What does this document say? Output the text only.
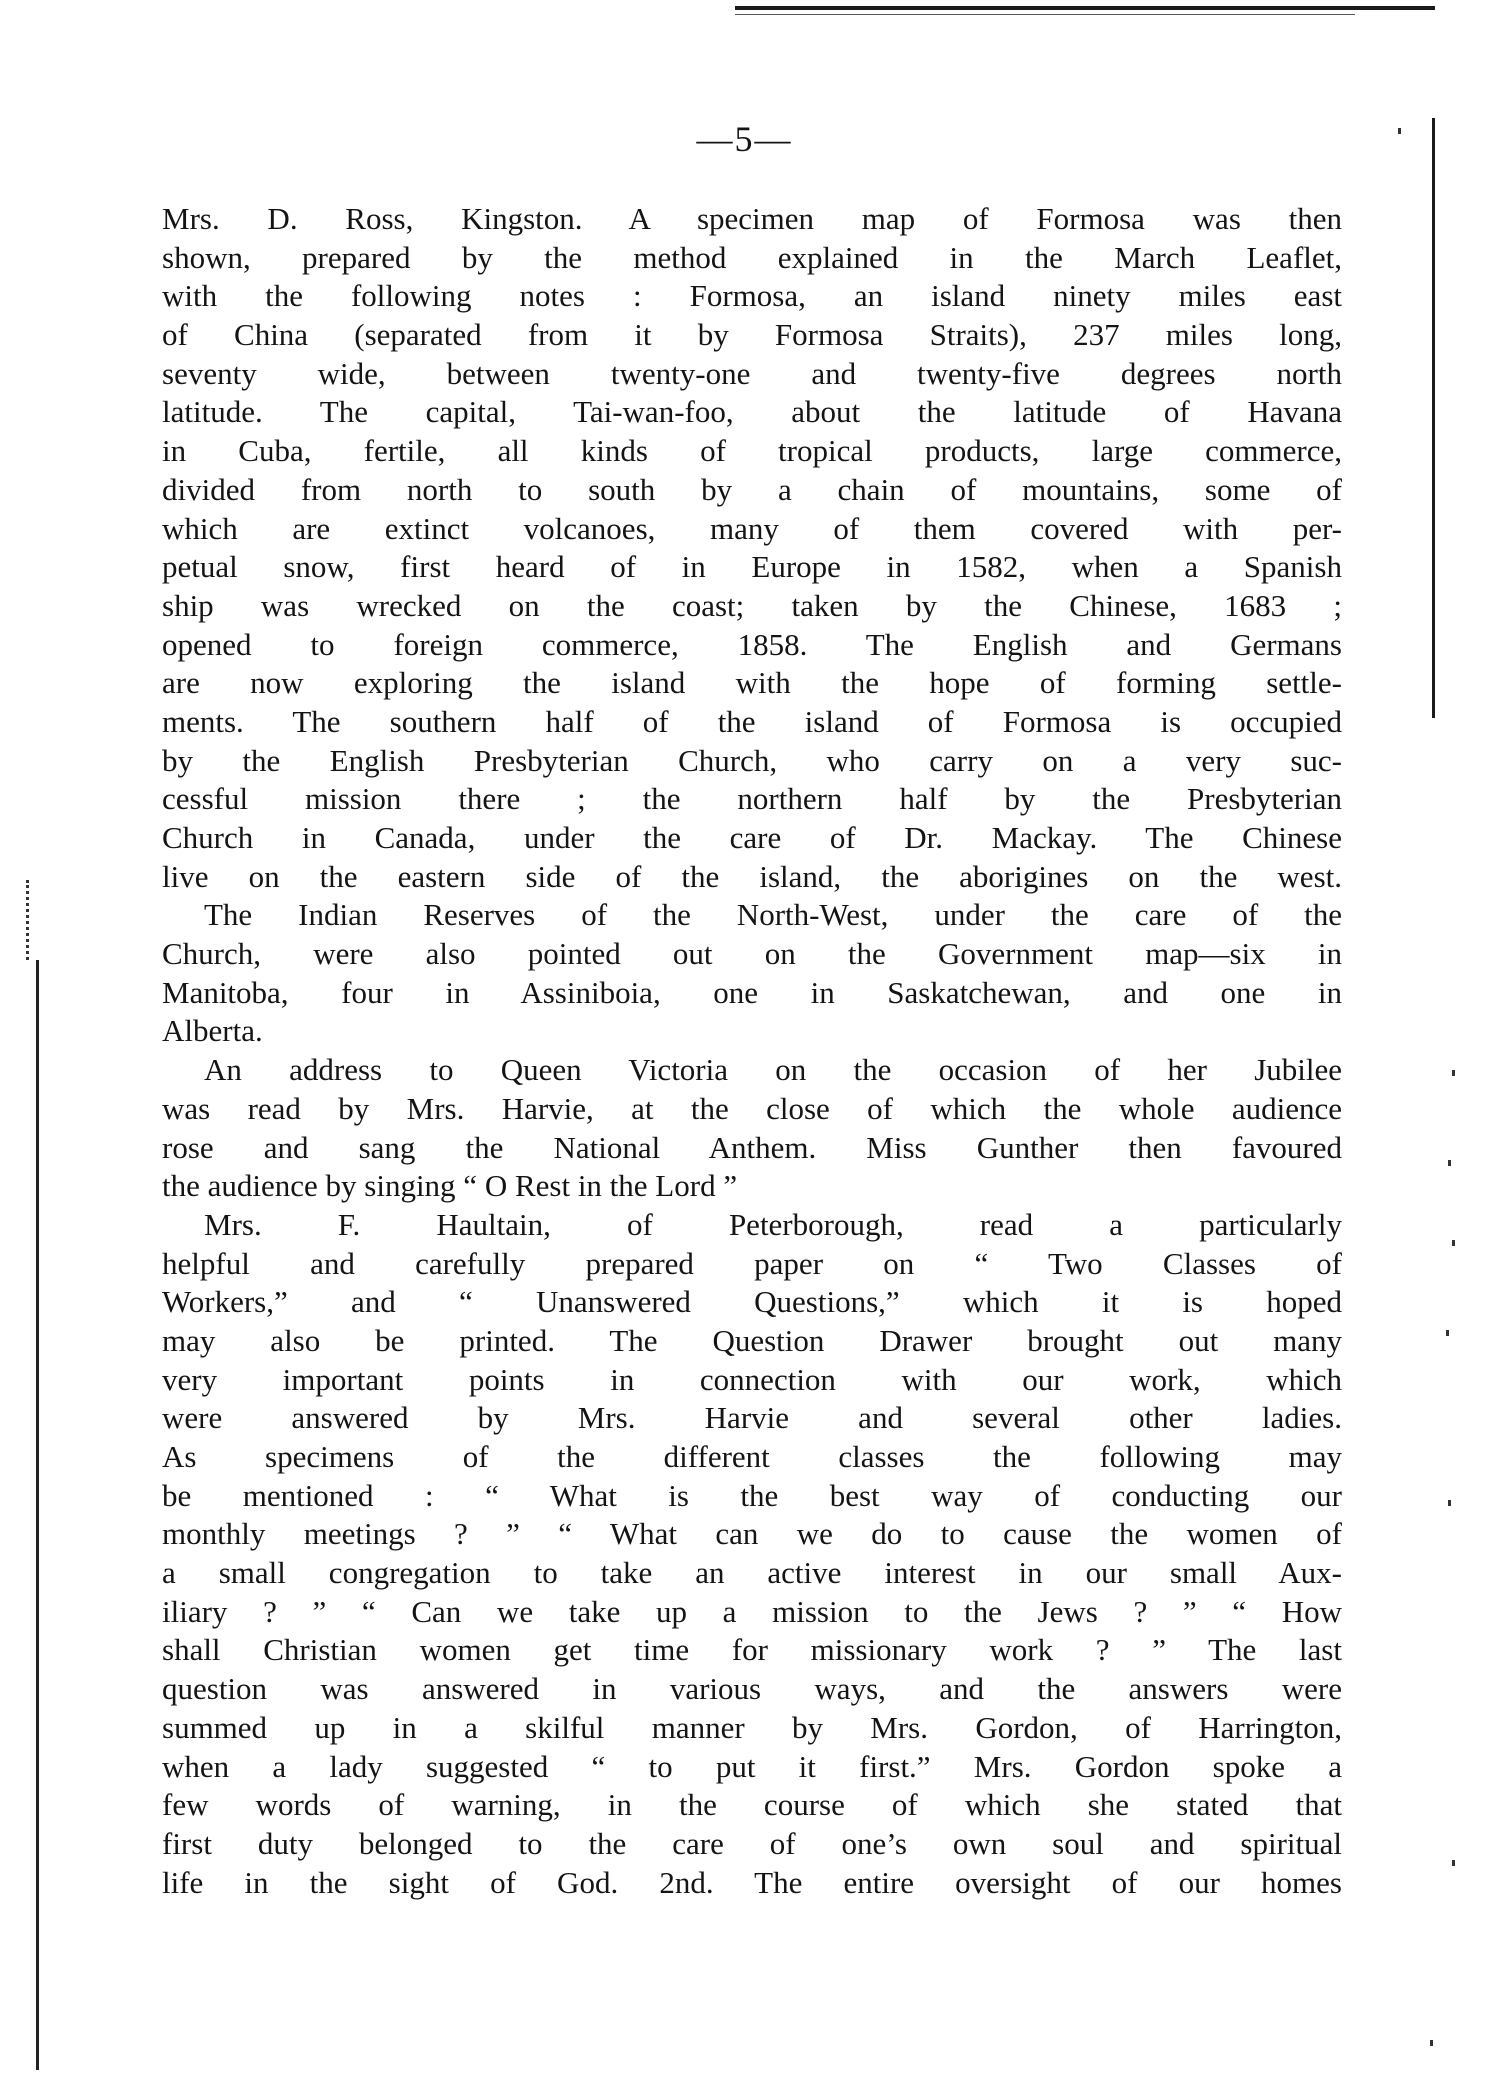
—5—
Mrs. D. Ross, Kingston. A specimen map of Formosa was then
shown, prepared by the method explained in the March Leaflet,
with the following notes : Formosa, an island ninety miles east
of China (separated from it by Formosa Straits), 237 miles long,
seventy wide, between twenty-one and twenty-five degrees north
latitude. The capital, Tai-wan-foo, about the latitude of Havana
in Cuba, fertile, all kinds of tropical products, large commerce,
divided from north to south by a chain of mountains, some of
which are extinct volcanoes, many of them covered with per-
petual snow, first heard of in Europe in 1582, when a Spanish
ship was wrecked on the coast; taken by the Chinese, 1683 ;
opened to foreign commerce, 1858. The English and Germans
are now exploring the island with the hope of forming settle-
ments. The southern half of the island of Formosa is occupied
by the English Presbyterian Church, who carry on a very suc-
cessful mission there ; the northern half by the Presbyterian
Church in Canada, under the care of Dr. Mackay. The Chinese
live on the eastern side of the island, the aborigines on the west.
The Indian Reserves of the North-West, under the care of the
Church, were also pointed out on the Government map—six in
Manitoba, four in Assiniboia, one in Saskatchewan, and one in
Alberta.
An address to Queen Victoria on the occasion of her Jubilee
was read by Mrs. Harvie, at the close of which the whole audience
rose and sang the National Anthem. Miss Gunther then favoured
the audience by singing “ O Rest in the Lord ”
Mrs. F. Haultain, of Peterborough, read a particularly
helpful and carefully prepared paper on “ Two Classes of
Workers,” and “ Unanswered Questions,” which it is hoped
may also be printed. The Question Drawer brought out many
very important points in connection with our work, which
were answered by Mrs. Harvie and several other ladies.
As specimens of the different classes the following may
be mentioned : “ What is the best way of conducting our
monthly meetings ? ” “ What can we do to cause the women of
a small congregation to take an active interest in our small Aux-
iliary ? ” “ Can we take up a mission to the Jews ? ” “ How
shall Christian women get time for missionary work ? ” The last
question was answered in various ways, and the answers were
summed up in a skilful manner by Mrs. Gordon, of Harrington,
when a lady suggested “ to put it first.” Mrs. Gordon spoke a
few words of warning, in the course of which she stated that
first duty belonged to the care of one’s own soul and spiritual
life in the sight of God. 2nd. The entire oversight of our homes
